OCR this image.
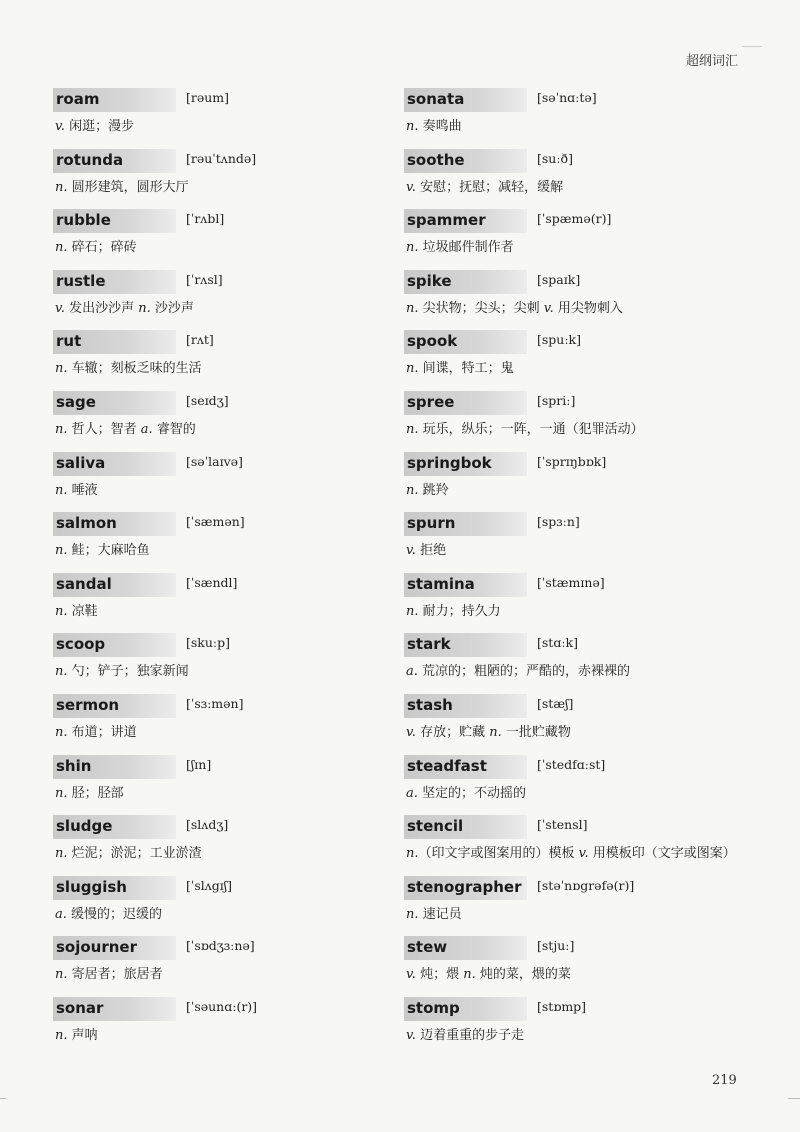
超纲词汇
roam	[rəum]
v. 闲逛；漫步
rotunda	[rəuˈtʌndə]
n. 圆形建筑，圆形大厅
rubble	[ˈrʌbl]
n. 碎石；碎砖
rustle	[ˈrʌsl]
v. 发出沙沙声 n. 沙沙声
rut	[rʌt]
n. 车辙；刻板乏味的生活
sage	[seɪdʒ]
n. 哲人；智者 a. 睿智的
saliva	[səˈlaɪvə]
n. 唾液
salmon	[ˈsæmən]
n. 鲑；大麻哈鱼
sandal	[ˈsændl]
n. 凉鞋
scoop	[skuːp]
n. 勺；铲子；独家新闻
sermon	[ˈsɜːmən]
n. 布道；讲道
shin	[ʃɪn]
n. 胫；胫部
sludge	[slʌdʒ]
n. 烂泥；淤泥；工业淤渣
sluggish	[ˈslʌgɪʃ]
a. 缓慢的；迟缓的
sojourner	[ˈsɒdʒɜːnə]
n. 寄居者；旅居者
sonar	[ˈsəunɑː(r)]
n. 声呐
sonata	[səˈnɑːtə]
n. 奏鸣曲
soothe	[suːð]
v. 安慰；抚慰；减轻，缓解
spammer	[ˈspæmə(r)]
n. 垃圾邮件制作者
spike	[spaɪk]
n. 尖状物；尖头；尖刺 v. 用尖物刺入
spook	[spuːk]
n. 间谍，特工；鬼
spree	[spriː]
n. 玩乐，纵乐；一阵，一通（犯罪活动）
springbok	[ˈsprɪŋbɒk]
n. 跳羚
spurn	[spɜːn]
v. 拒绝
stamina	[ˈstæmɪnə]
n. 耐力；持久力
stark	[stɑːk]
a. 荒凉的；粗陋的；严酷的，赤裸裸的
stash	[stæʃ]
v. 存放；贮藏 n. 一批贮藏物
steadfast	[ˈstedfɑːst]
a. 坚定的；不动摇的
stencil	[ˈstensl]
n.（印文字或图案用的）模板 v. 用模板印（文字或图案）
stenographer [stəˈnɒgrəfə(r)]
n. 速记员
stew	[stjuː]
v. 炖；煨 n. 炖的菜，煨的菜
stomp	[stɒmp]
v. 迈着重重的步子走
219
